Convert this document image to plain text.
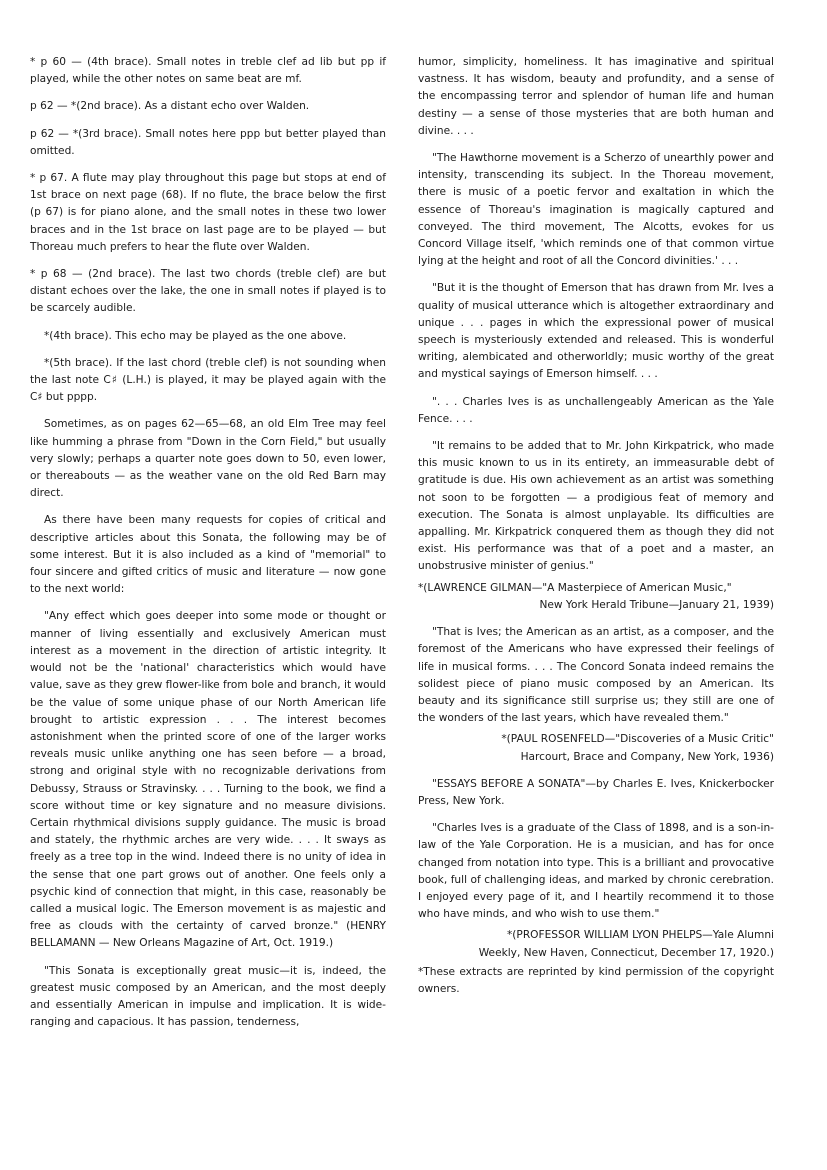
* p 60 — (4th brace). Small notes in treble clef ad lib but pp if played, while the other notes on same beat are mf.

p 62 — *(2nd brace). As a distant echo over Walden.

p 62 — *(3rd brace). Small notes here ppp but better played than omitted.

* p 67. A flute may play throughout this page but stops at end of 1st brace on next page (68). If no flute, the brace below the first (p 67) is for piano alone, and the small notes in these two lower braces and in the 1st brace on last page are to be played — but Thoreau much prefers to hear the flute over Walden.

* p 68 — (2nd brace). The last two chords (treble clef) are but distant echoes over the lake, the one in small notes if played is to be scarcely audible.

*(4th brace). This echo may be played as the one above.

*(5th brace). If the last chord (treble clef) is not sounding when the last note C♯ (L.H.) is played, it may be played again with the C♯ but pppp.

Sometimes, as on pages 62—65—68, an old Elm Tree may feel like humming a phrase from "Down in the Corn Field," but usually very slowly; perhaps a quarter note goes down to 50, even lower, or thereabouts — as the weather vane on the old Red Barn may direct.

As there have been many requests for copies of critical and descriptive articles about this Sonata, the following may be of some interest. But it is also included as a kind of "memorial" to four sincere and gifted critics of music and literature — now gone to the next world:

"Any effect which goes deeper into some mode or thought or manner of living essentially and exclusively American must interest as a movement in the direction of artistic integrity. It would not be the 'national' characteristics which would have value, save as they grew flower-like from bole and branch, it would be the value of some unique phase of our North American life brought to artistic expression . . . The interest becomes astonishment when the printed score of one of the larger works reveals music unlike anything one has seen before — a broad, strong and original style with no recognizable derivations from Debussy, Strauss or Stravinsky. . . . Turning to the book, we find a score without time or key signature and no measure divisions. Certain rhythmical divisions supply guidance. The music is broad and stately, the rhythmic arches are very wide. . . . It sways as freely as a tree top in the wind. Indeed there is no unity of idea in the sense that one part grows out of another. One feels only a psychic kind of connection that might, in this case, reasonably be called a musical logic. The Emerson movement is as majestic and free as clouds with the certainty of carved bronze." (HENRY BELLAMANN — New Orleans Magazine of Art, Oct. 1919.)

"This Sonata is exceptionally great music—it is, indeed, the greatest music composed by an American, and the most deeply and essentially American in impulse and implication. It is wide-ranging and capacious. It has passion, tenderness,

humor, simplicity, homeliness. It has imaginative and spiritual vastness. It has wisdom, beauty and profundity, and a sense of the encompassing terror and splendor of human life and human destiny — a sense of those mysteries that are both human and divine. . . .

"The Hawthorne movement is a Scherzo of unearthly power and intensity, transcending its subject. In the Thoreau movement, there is music of a poetic fervor and exaltation in which the essence of Thoreau's imagination is magically captured and conveyed. The third movement, The Alcotts, evokes for us Concord Village itself, 'which reminds one of that common virtue lying at the height and root of all the Concord divinities.' . . .

"But it is the thought of Emerson that has drawn from Mr. Ives a quality of musical utterance which is altogether extraordinary and unique . . . pages in which the expressional power of musical speech is mysteriously extended and released. This is wonderful writing, alembicated and otherworldly; music worthy of the great and mystical sayings of Emerson himself. . . .

". . . Charles Ives is as unchallengeably American as the Yale Fence. . . .

"It remains to be added that to Mr. John Kirkpatrick, who made this music known to us in its entirety, an immeasurable debt of gratitude is due. His own achievement as an artist was something not soon to be forgotten — a prodigious feat of memory and execution. The Sonata is almost unplayable. Its difficulties are appalling. Mr. Kirkpatrick conquered them as though they did not exist. His performance was that of a poet and a master, an unobstrusive minister of genius."

*(LAWRENCE GILMAN—"A Masterpiece of American Music,"

New York Herald Tribune—January 21, 1939)

"That is Ives; the American as an artist, as a composer, and the foremost of the Americans who have expressed their feelings of life in musical forms. . . . The Concord Sonata indeed remains the solidest piece of piano music composed by an American. Its beauty and its significance still surprise us; they still are one of the wonders of the last years, which have revealed them."

*(PAUL ROSENFELD—"Discoveries of a Music Critic"

Harcourt, Brace and Company, New York, 1936)

"ESSAYS BEFORE A SONATA"—by Charles E. Ives, Knickerbocker Press, New York.

"Charles Ives is a graduate of the Class of 1898, and is a son-in-law of the Yale Corporation. He is a musician, and has for once changed from notation into type. This is a brilliant and provocative book, full of challenging ideas, and marked by chronic cerebration. I enjoyed every page of it, and I heartily recommend it to those who have minds, and who wish to use them."

*(PROFESSOR WILLIAM LYON PHELPS—Yale Alumni

Weekly, New Haven, Connecticut, December 17, 1920.)

*These extracts are reprinted by kind permission of the copyright owners.
